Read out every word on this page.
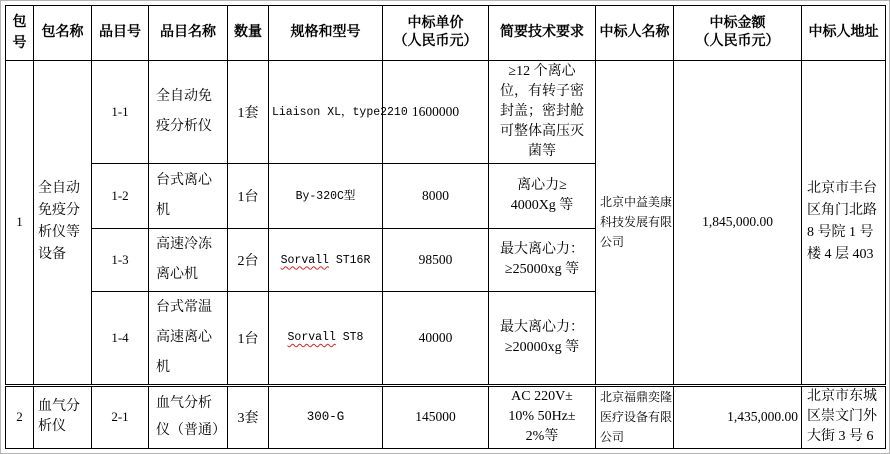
包
号	包名称	品目号	品目名称	数量	规格和型号	中标单价
（人民币元）	简要技术要求	中标人名称	中标金额
（人民币元）	中标人地址
1	全自动
免疫分
析仪等
设备	1-1	全自动免
疫分析仪	1套	Liaison XL，type2210	1600000	≥12 个离心
位，有转子密
封盖；密封舱
可整体高压灭
菌等	北京中益美康
科技发展有限
公司	1,845,000.00	北京市丰台
区角门北路
8 号院 1 号
楼 4 层 403
		1-2	台式离心
机	1台	By-320C型	8000	离心力≥
4000Xg 等			
		1-3	高速冷冻
离心机	2台	Sorvall ST16R	98500	最大离心力：
≥25000xg 等			
		1-4	台式常温
高速离心
机	1台	Sorvall ST8	40000	最大离心力：
≥20000xg 等			
2	血气分
析仪	2-1	血气分析
仪（普通）	3套	300-G	145000	AC 220V±
10% 50Hz±
2%等	北京福鼎奕隆
医疗设备有限
公司	1,435,000.00	北京市东城
区崇文门外
大街 3 号 6
